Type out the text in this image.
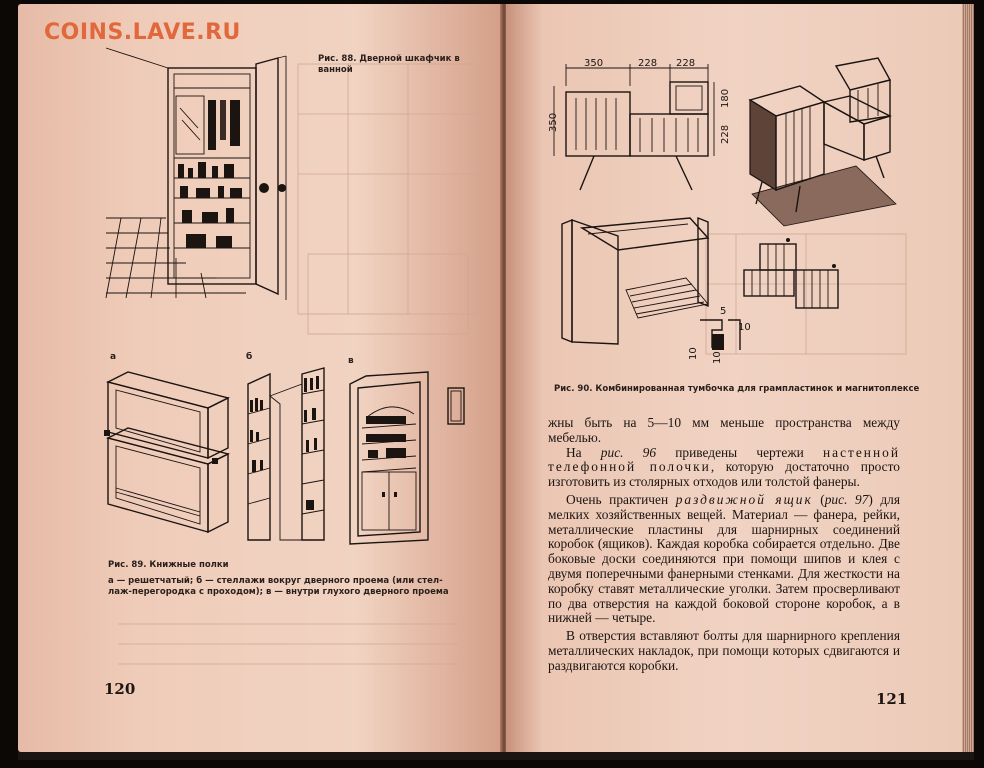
Рис. 88. Дверной шкафчик в ванной
а	б	в
Рис. 89. Книжные полки
а — решетчатый; б — стеллажи вокруг дверного проема (или стел-
лаж-перегородка с проходом); в — внутри глухого дверного проема
120
COINS.LAVE.RU
350	228 228
350
180
228
5
10
10 10
Рис. 90. Комбинированная тумбочка для грампластинок и магнитоплексе

жны быть на 5—10 мм меньше пространства между мебелью.

На рис. 96 приведены чертежи настенной телефонной полочки, которую достаточно просто изготовить из столярных отходов или толстой фанеры.

Очень практичен раздвижной ящик (рис. 97) для мелких хозяйственных вещей. Материал — фанера, рейки, металлические пластины для шарнирных соединений коробок (ящиков). Каждая коробка собирается отдельно. Две боковые доски соединяются при помощи шипов и клея с двумя поперечными фанерными стенками. Для жесткости на коробку ставят металлические уголки. Затем просверливают по два отверстия на каждой боковой стороне коробок, а в нижней — четыре.

В отверстия вставляют болты для шарнирного крепления металлических накладок, при помощи которых сдвигаются и раздвигаются коробки.

121
